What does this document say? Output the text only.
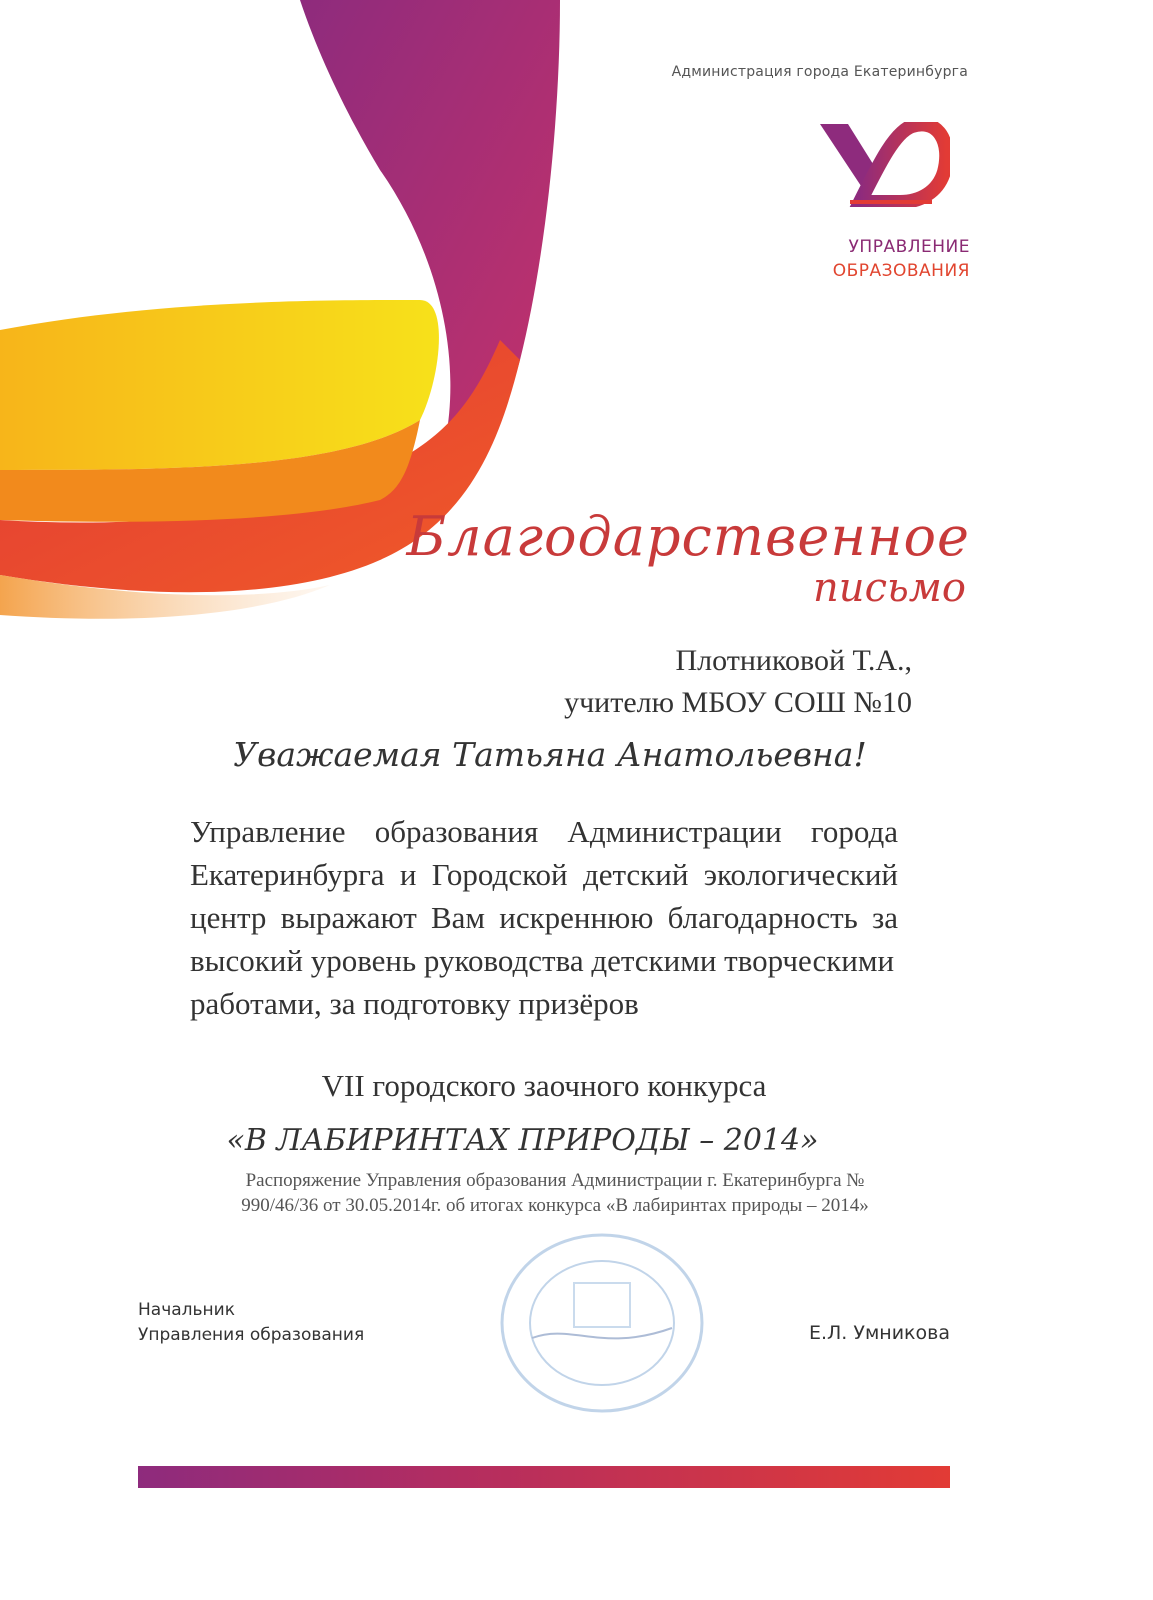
Администрация города Екатеринбурга
УПРАВЛЕНИЕ
ОБРАЗОВАНИЯ
Благодарственное
письмо
Плотниковой Т.А.,
учителю МБОУ СОШ №10
Уважаемая Татьяна Анатольевна!
Управление образования Администрации города Екатеринбурга и Городской детский экологический центр выражают Вам искреннюю благодарность за высокий уровень руководства детскими творческими
работами, за подготовку призёров
VII городского заочного конкурса
«В ЛАБИРИНТАХ ПРИРОДЫ – 2014»
Распоряжение Управления образования Администрации г. Екатеринбурга № 990/46/36 от 30.05.2014г. об итогах конкурса «В лабиринтах природы – 2014»
Начальник
Управления образования	Е.Л. Умникова
